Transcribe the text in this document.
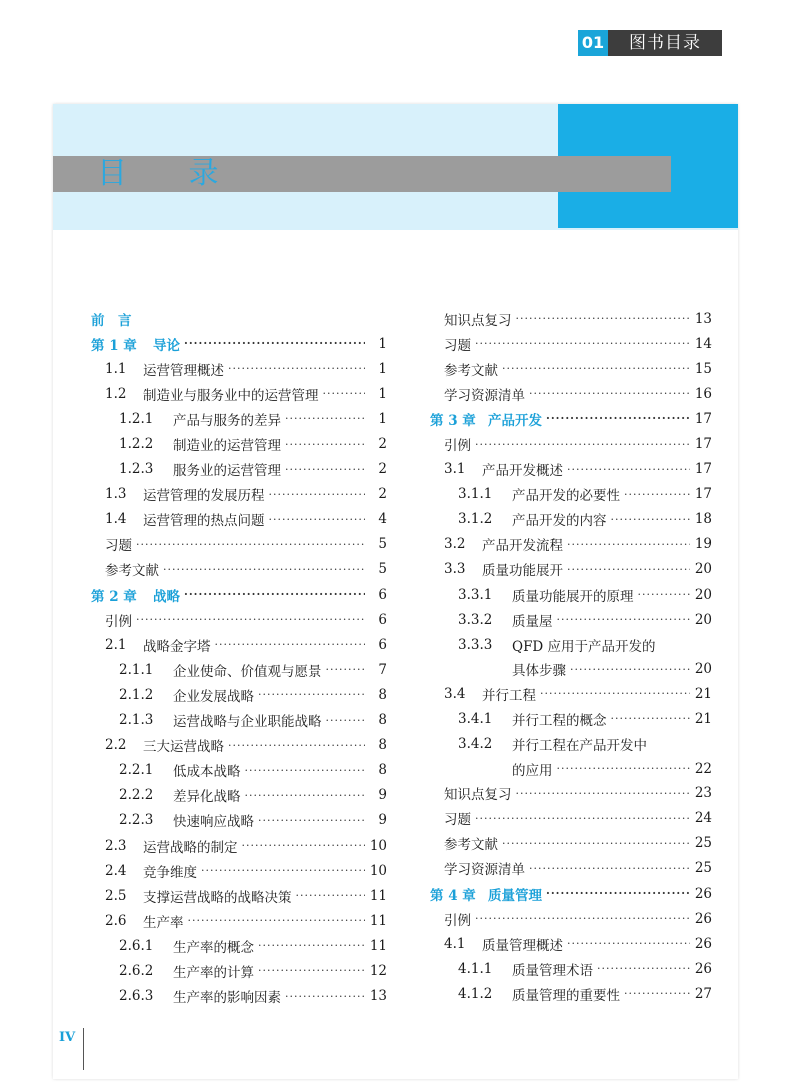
01	图书目录
目 录
前　言
第 1 章	导论 ·····	1
1.1	运营管理概述 ·····	1
1.2	制造业与服务业中的运营管理 ·····	1
1.2.1	产品与服务的差异 ·····	1
1.2.2	制造业的运营管理 ·····	2
1.2.3	服务业的运营管理 ·····	2
1.3	运营管理的发展历程 ·····	2
1.4	运营管理的热点问题 ·····	4
习题 ·····	5
参考文献 ·····	5
第 2 章	战略 ·····	6
引例 ·····	6
2.1	战略金字塔 ·····	6
2.1.1	企业使命、价值观与愿景 ·····	7
2.1.2	企业发展战略 ·····	8
2.1.3	运营战略与企业职能战略 ·····	8
2.2	三大运营战略 ·····	8
2.2.1	低成本战略 ·····	8
2.2.2	差异化战略 ·····	9
2.2.3	快速响应战略 ·····	9
2.3	运营战略的制定 ·····	10
2.4	竞争维度 ·····	10
2.5	支撑运营战略的战略决策 ·····	11
2.6	生产率 ·····	11
2.6.1	生产率的概念 ·····	11
2.6.2	生产率的计算 ·····	12
2.6.3	生产率的影响因素 ·····	13
知识点复习 ·····	13
习题 ·····	14
参考文献 ·····	15
学习资源清单 ·····	16
第 3 章 产品开发 ·····	17
引例 ·····	17
3.1	产品开发概述 ·····	17
3.1.1	产品开发的必要性 ·····	17
3.1.2	产品开发的内容 ·····	18
3.2	产品开发流程 ·····	19
3.3	质量功能展开 ·····	20
3.3.1	质量功能展开的原理 ·····	20
3.3.2	质量屋 ·····	20
3.3.3	QFD 应用于产品开发的
具体步骤 ·····	20
3.4	并行工程 ·····	21
3.4.1	并行工程的概念 ·····	21
3.4.2	并行工程在产品开发中
的应用 ·····	22
知识点复习 ·····	23
习题 ·····	24
参考文献 ·····	25
学习资源清单 ·····	25
第 4 章 质量管理 ·····	26
引例 ·····	26
4.1	质量管理概述 ·····	26
4.1.1	质量管理术语 ·····	26
4.1.2	质量管理的重要性 ·····	27
IV
